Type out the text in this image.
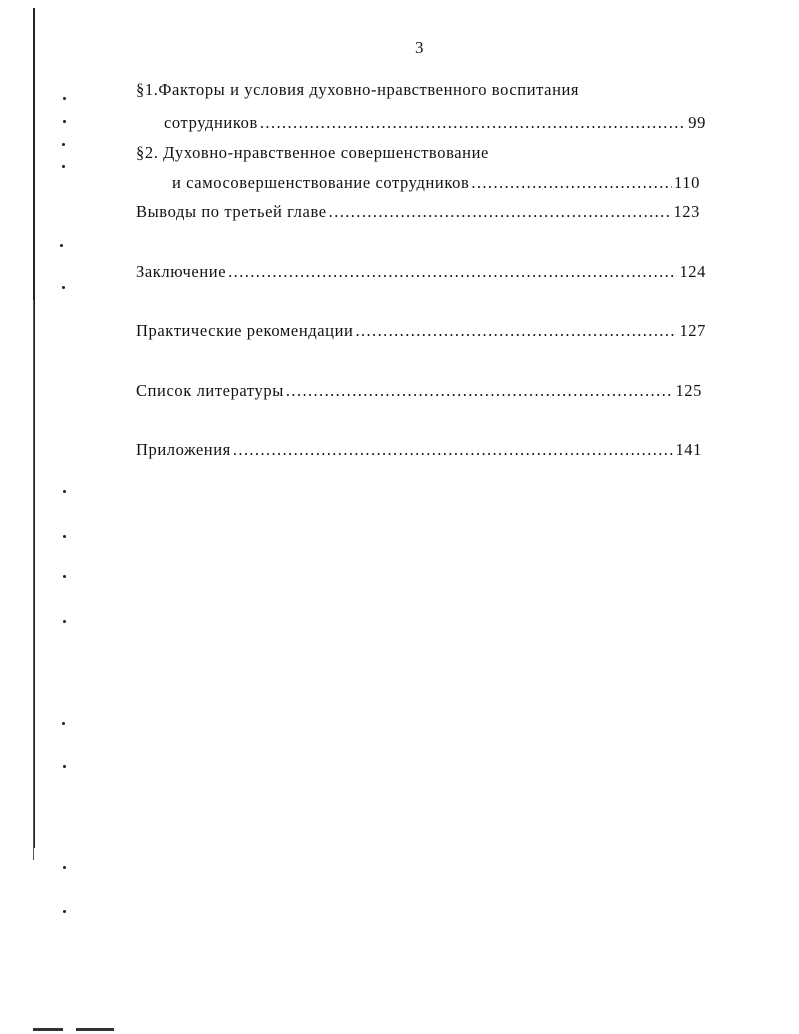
3
§1.Факторы и условия духовно-нравственного воспитания
сотрудников .....	99
§2. Духовно-нравственное совершенствование
и самосовершенствование сотрудников .....	110
Выводы по третьей главе .....	123
Заключение .....	124
Практические рекомендации .....	127
Список литературы .....	125
Приложения .....	141
